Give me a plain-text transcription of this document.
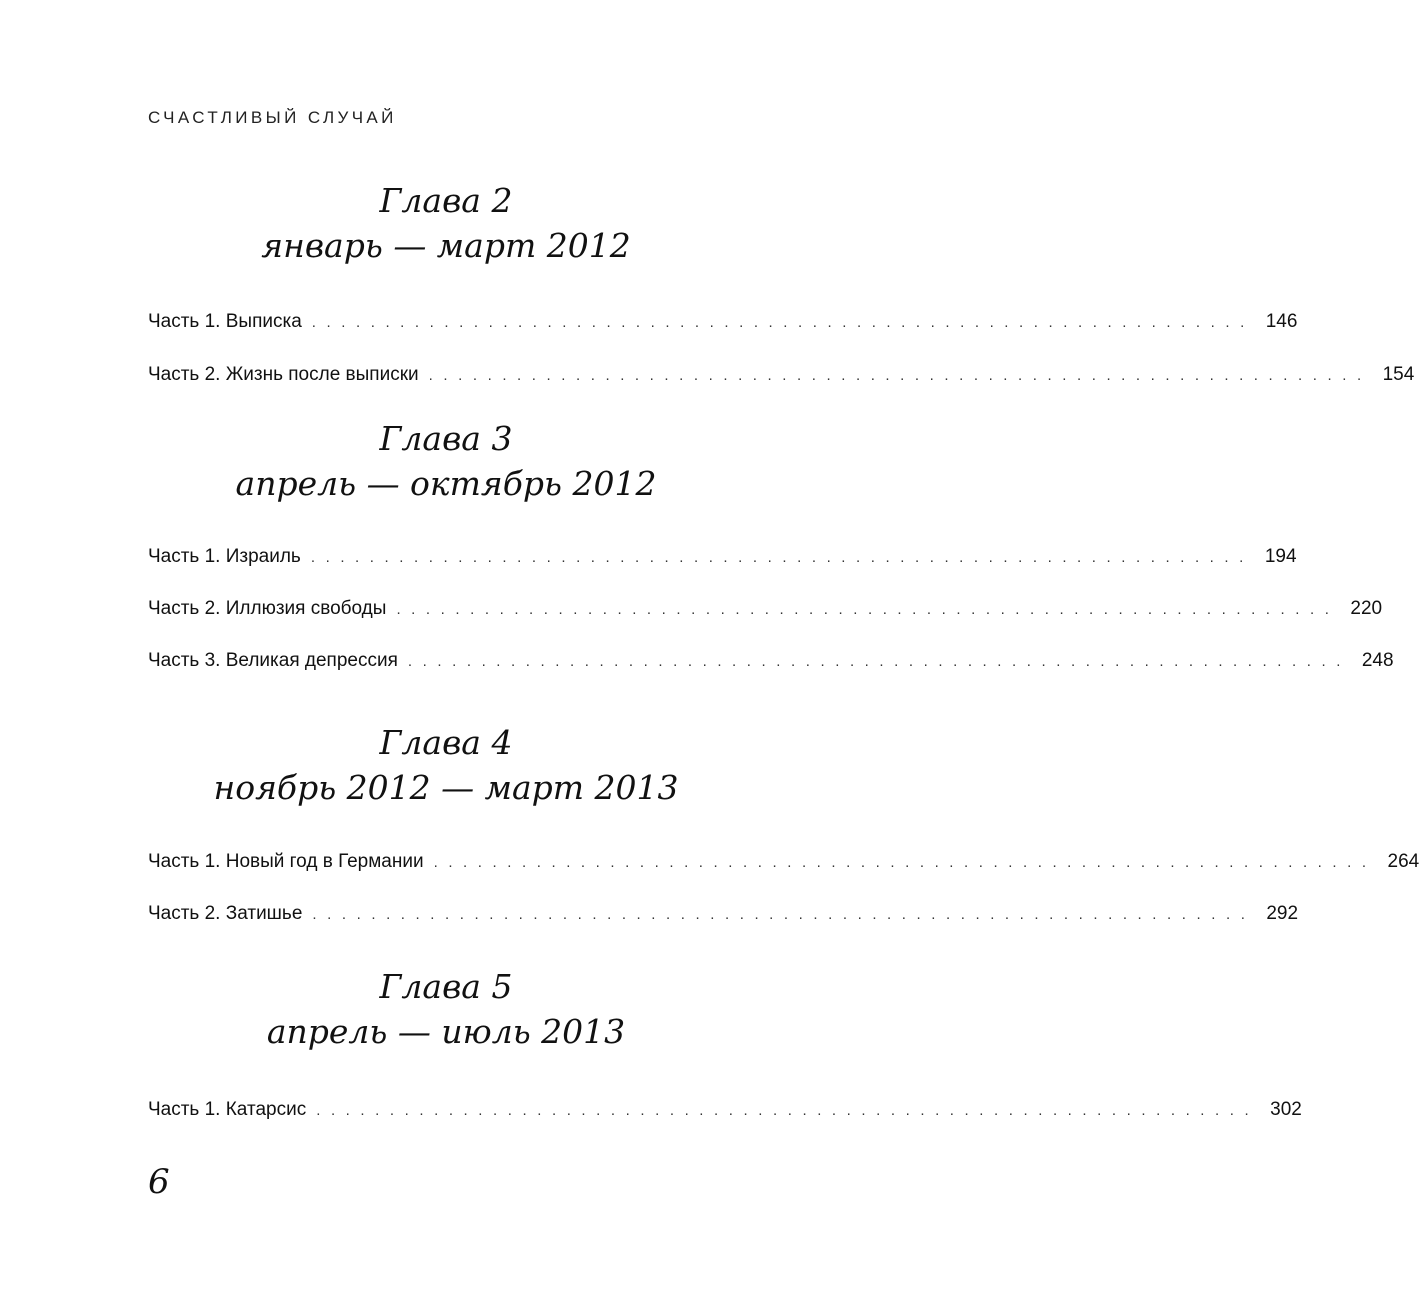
СЧАСТЛИВЫЙ СЛУЧАЙ
Глава 2
январь — март 2012
Часть 1. Выписка . . . . . . . . . . . . . . . . . . . . . . . . . . . . . . . . . . . . . . . . . . . . . . . . . . . . . . . . . . . . . . . . 146
Часть 2. Жизнь после выписки . . . . . . . . . . . . . . . . . . . . . . . . . . . . . . . . . . . . . . . . . . . . . . . . . . . . . . . . . . . . . . . . 154
Глава 3
апрель — октябрь 2012
Часть 1. Израиль . . . . . . . . . . . . . . . . . . . . . . . . . . . . . . . . . . . . . . . . . . . . . . . . . . . . . . . . . . . . . . . . 194
Часть 2. Иллюзия свободы . . . . . . . . . . . . . . . . . . . . . . . . . . . . . . . . . . . . . . . . . . . . . . . . . . . . . . . . . . . . . . . . 220
Часть 3. Великая депрессия . . . . . . . . . . . . . . . . . . . . . . . . . . . . . . . . . . . . . . . . . . . . . . . . . . . . . . . . . . . . . . . . 248
Глава 4
ноябрь 2012 — март 2013
Часть 1. Новый год в Германии . . . . . . . . . . . . . . . . . . . . . . . . . . . . . . . . . . . . . . . . . . . . . . . . . . . . . . . . . . . . . . . . 264
Часть 2. Затишье . . . . . . . . . . . . . . . . . . . . . . . . . . . . . . . . . . . . . . . . . . . . . . . . . . . . . . . . . . . . . . . . 292
Глава 5
апрель — июль 2013
Часть 1. Катарсис . . . . . . . . . . . . . . . . . . . . . . . . . . . . . . . . . . . . . . . . . . . . . . . . . . . . . . . . . . . . . . . . 302
6
